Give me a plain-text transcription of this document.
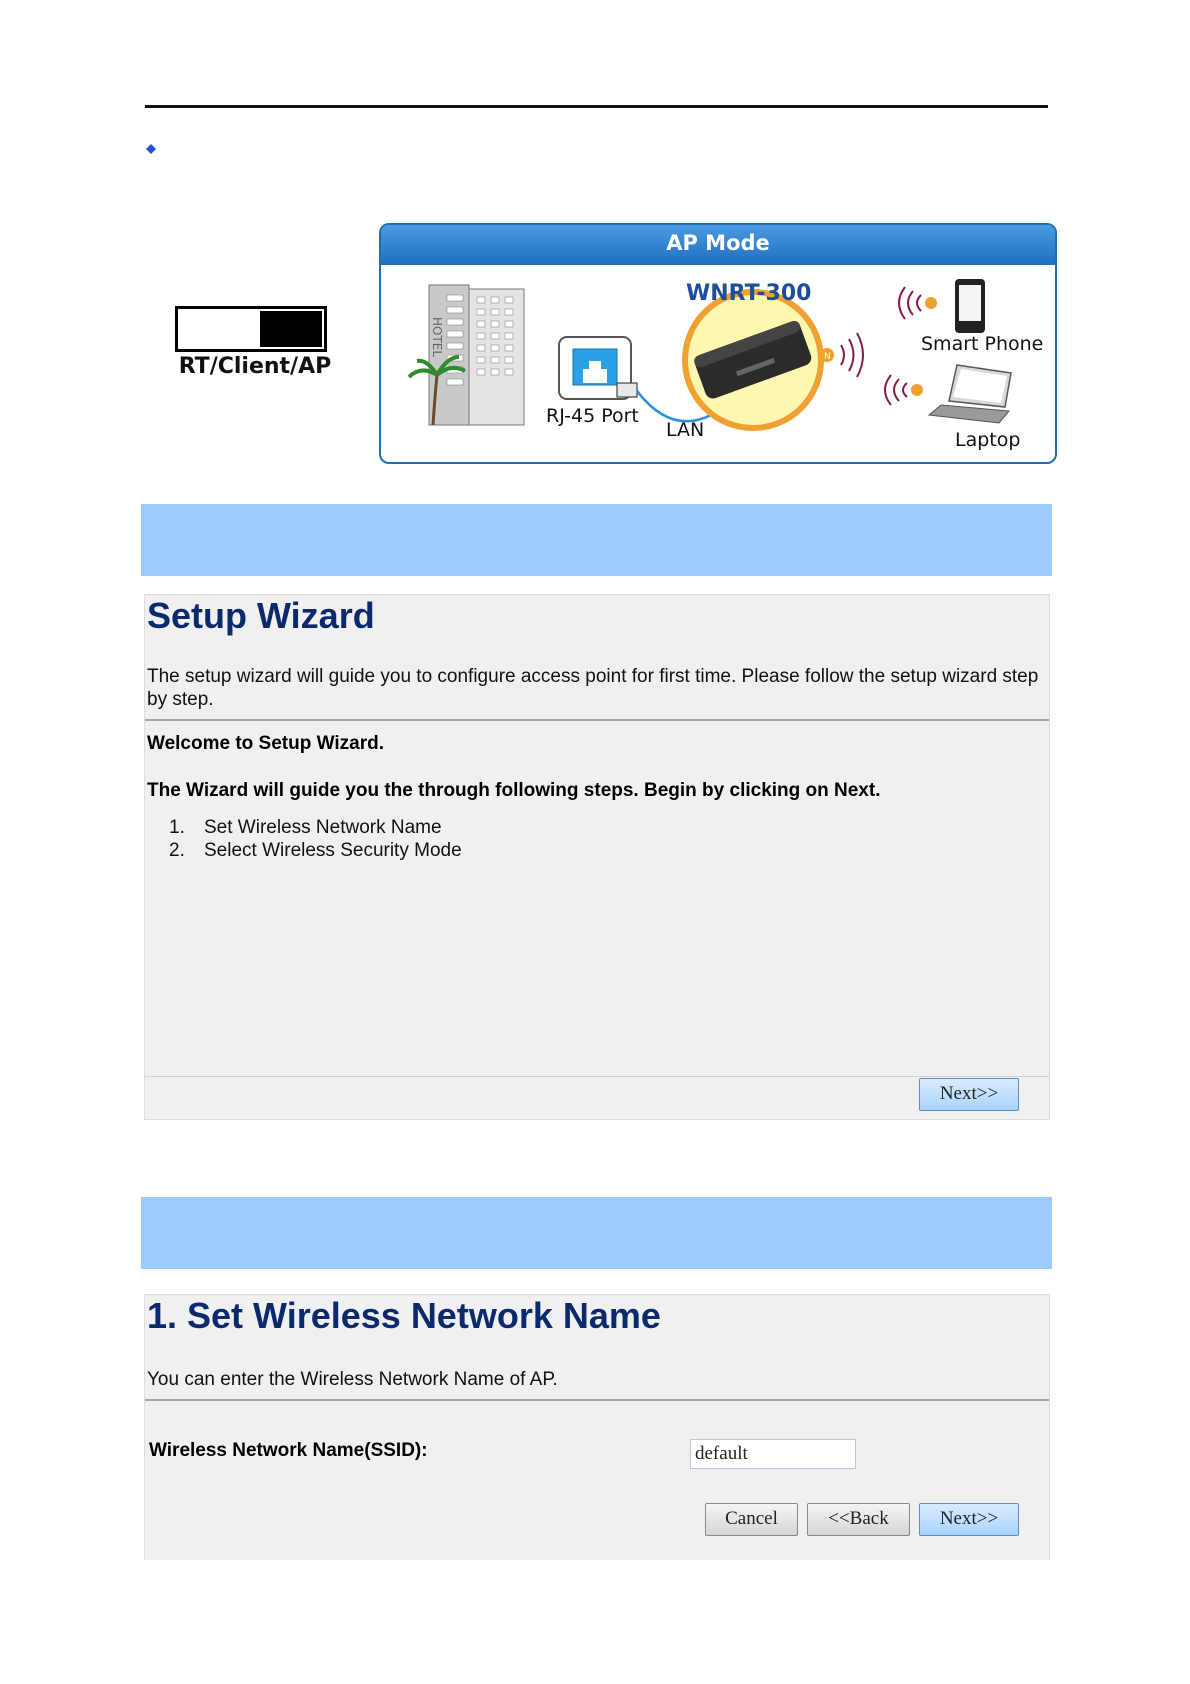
RT/Client/AP
AP Mode
HOTEL	N
WNRT-300
RJ-45 Port
LAN
Smart Phone
Laptop
Setup Wizard
The setup wizard will guide you to configure access point for first time. Please follow the setup wizard step by step.
Welcome to Setup Wizard.
The Wizard will guide you the through following steps. Begin by clicking on Next.
1. Set Wireless Network Name
2. Select Wireless Security Mode
Next>>
1. Set Wireless Network Name
You can enter the Wireless Network Name of AP.
Wireless Network Name(SSID):
default
Cancel	<<Back	Next>>
